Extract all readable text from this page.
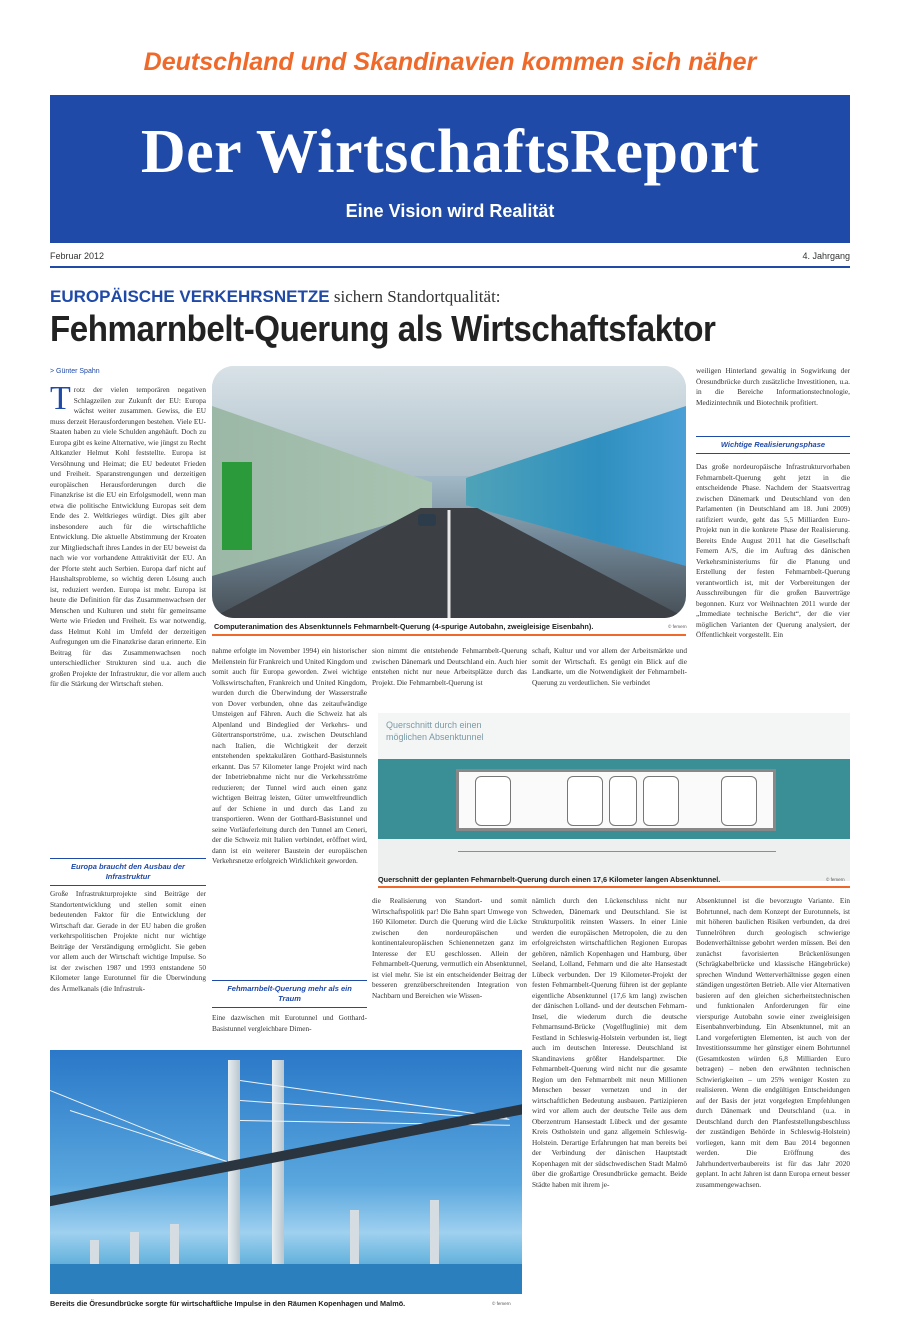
Deutschland und Skandinavien kommen sich näher
Der WirtschaftsReport
Eine Vision wird Realität
Februar 2012	4. Jahrgang
EUROPÄISCHE VERKEHRSNETZE sichern Standortqualität:
Fehmarnbelt-Querung als Wirtschaftsfaktor
> Günter Spahn
T rotz der vielen temporären negativen Schlagzeilen zur Zukunft der EU: Europa wächst weiter zusammen. Gewiss, die EU muss derzeit Herausforderungen bestehen. Viele EU-Staaten haben zu viele Schulden angehäuft. Doch zu Europa gibt es keine Alternative, wie jüngst zu Recht Altkanzler Helmut Kohl feststellte. Europa ist Versöhnung und Heimat; die EU bedeutet Frieden und Freiheit. Sparanstrengungen und derzeitigen europäischen Herausforderungen durch die Finanzkrise ist die EU ein Erfolgsmodell, wenn man etwa die politische Entwicklung Europas seit dem Ende des 2. Weltkrieges würdigt. Dies gilt aber insbesondere auch für die wirtschaftliche Entwicklung. Die aktuelle Abstimmung der Kroaten zur Mitgliedschaft ihres Landes in der EU beweist da nach wie vor vorhandene Attraktivität der EU. An der Pforte steht auch Serbien. Europa darf nicht auf Haushaltsprobleme, so wichtig deren Lösung auch ist, reduziert werden. Europa ist mehr. Europa ist heute die Definition für das Zusammenwachsen der Menschen und Kulturen und steht für gemeinsame Werte wie Frieden und Freiheit. Es war notwendig, dass Helmut Kohl im Umfeld der derzeitigen Aufregungen um die Finanzkrise daran erinnerte. Ein Beitrag für das Zusammenwachsen noch unterschiedlicher Strukturen sind u.a. auch die großen Projekte der Infrastruktur, die vor allem auch für die Stärkung der Wirtschaft stehen.
Europa braucht den Ausbau der Infrastruktur
Große Infrastrukturprojekte sind Beiträge der Standortentwicklung und stellen somit einen bedeutenden Faktor für die Entwicklung der Wirtschaft dar. Gerade in der EU haben die großen verkehrspolitischen Projekte nicht nur wichtige Beiträge der Verständigung ermöglicht. Sie geben vor allem auch der Wirtschaft wichtige Impulse. So ist der zwischen 1987 und 1993 entstandene 50 Kilometer lange Eurotunnel für die Überwindung des Ärmelkanals (die Infrastruk-
Computeranimation des Absenktunnels Fehmarnbelt-Querung (4-spurige Autobahn, zweigleisige Eisenbahn).	© femern
nahme erfolgte im November 1994) ein historischer Meilenstein für Frankreich und United Kingdom und somit auch für Europa geworden. Zwei wichtige Volkswirtschaften, Frankreich und United Kingdom, wurden durch die Überwindung der Wasserstraße von Dover verbunden, ohne das zeitaufwändige Umsteigen auf Fähren. Auch die Schweiz hat als Alpenland und Bindeglied der Verkehrs- und Gütertransportströme, u.a. zwischen Deutschland nach Italien, die Wichtigkeit der derzeit entstehenden spektakulären Gotthard-Basistunnels erkannt. Das 57 Kilometer lange Projekt wird nach der Inbetriebnahme nicht nur die Verkehrsströme reduzieren; der Tunnel wird auch einen ganz wichtigen Beitrag leisten, Güter umweltfreundlich auf der Schiene in und durch das Land zu transportieren. Wenn der Gotthard-Basistunnel und seine Vorläuferleitung durch den Tunnel am Ceneri, der die Schweiz mit Italien verbindet, eröffnet wird, dann ist ein weiterer Baustein der europäischen Verkehrsnetze erfolgreich Wirklichkeit geworden.
Fehmarnbelt-Querung mehr als ein Traum
Eine dazwischen mit Eurotunnel und Gotthard-Basistunnel vergleichbare Dimen-
sion nimmt die entstehende Fehmarnbelt-Querung zwischen Dänemark und Deutschland ein. Auch hier entstehen nicht nur neue Arbeitsplätze durch das Projekt. Die Fehmarnbelt-Querung ist
schaft, Kultur und vor allem der Arbeitsmärkte und somit der Wirtschaft. Es genügt ein Blick auf die Landkarte, um die Notwendigkeit der Fehmarnbelt-Querung zu verdeutlichen. Sie verbindet
weiligen Hinterland gewaltig in Sogwirkung der Öresundbrücke durch zusätzliche Investitionen, u.a. in die Bereiche Informationstechnologie, Medizintechnik und Biotechnik profitiert.
Wichtige Realisierungsphase
Das große nordeuropäische Infrastrukturvorhaben Fehmarnbelt-Querung geht jetzt in die entscheidende Phase. Nachdem der Staatsvertrag zwischen Dänemark und Deutschland von den Parlamenten (in Deutschland am 18. Juni 2009) ratifiziert wurde, geht das 5,5 Milliarden Euro-Projekt nun in die konkrete Phase der Realisierung. Bereits Ende August 2011 hat die Gesellschaft Femern A/S, die im Auftrag des dänischen Verkehrsministeriums für die Planung und Erstellung der festen Fehmarnbelt-Querung verantwortlich ist, mit der Vorbereitungen der Ausschreibungen für die großen Bauverträge begonnen. Kurz vor Weihnachten 2011 wurde der „Immediate technische Bericht“, der die vier möglichen Varianten der Querung analysiert, der Öffentlichkeit vorgestellt. Ein
Querschnitt durch einen
möglichen Absenktunnel
Querschnitt der geplanten Fehmarnbelt-Querung durch einen 17,6 Kilometer langen Absenktunnel.	© femern
die Realisierung von Standort- und somit Wirtschaftspolitik par! Die Bahn spart Umwege von 160 Kilometer. Durch die Querung wird die Lücke zwischen den nordeuropäischen und kontinentaleuropäischen Schienennetzen ganz im Interesse der EU geschlossen. Allein der Fehmarnbelt-Querung, vermutlich ein Absenktunnel, ist viel mehr. Sie ist ein entscheidender Beitrag der besseren grenzüberschreitenden Integration von Nachbarn und Bereichen wie Wissen-
nämlich durch den Lückenschluss nicht nur Schweden, Dänemark und Deutschland. Sie ist Strukturpolitik reinsten Wassers. In einer Linie werden die europäischen Metropolen, die zu den erfolgreichsten wirtschaftlichen Regionen Europas gehören, nämlich Kopenhagen und Hamburg, über Seeland, Lolland, Fehmarn und die alte Hansestadt Lübeck verbunden. Der 19 Kilometer-Projekt der festen Fehmarnbelt-Querung führen ist der geplante eigentliche Absenktunnel (17,6 km lang) zwischen der dänischen Lolland- und der deutschen Fehmarn-Insel, die wiederum durch die deutsche Fehmarnsund-Brücke (Vogelfluglinie) mit dem Festland in Schleswig-Holstein verbunden ist, liegt auch im deutschen Interesse. Deutschland ist Skandinaviens größter Handelspartner. Die Fehmarnbelt-Querung wird nicht nur die gesamte Region um den Fehmarnbelt mit neun Millionen Menschen besser vernetzen und in der wirtschaftlichen Bedeutung ausbauen. Partizipieren wird vor allem auch der deutsche Teile aus dem Oberzentrum Hansestadt Lübeck und der gesamte Kreis Ostholstein und ganz allgemein Schleswig-Holstein. Derartige Erfahrungen hat man bereits bei der Verbindung der dänischen Hauptstadt Kopenhagen mit der südschwedischen Stadt Malmö über die großartige Öresundbrücke gemacht. Beide Städte haben mit ihrem je-
Absenktunnel ist die bevorzugte Variante. Ein Bohrtunnel, nach dem Konzept der Eurotunnels, ist mit höheren baulichen Risiken verbunden, da drei Tunnelröhren durch geologisch schwierige Bodenverhältnisse gebohrt werden müssen. Bei den zunächst favorisierten Brückenlösungen (Schrägkabelbrücke und klassische Hängebrücke) sprechen Windund Wetterverhältnisse gegen einen ständigen ungestörten Betrieb. Alle vier Alternativen basieren auf den gleichen sicherheitstechnischen und funktionalen Anforderungen für eine vierspurige Autobahn sowie einer zweigleisigen Eisenbahnverbindung. Ein Absenktunnel, mit an Land vorgefertigten Elementen, ist auch von der Investitionssumme her günstiger einem Bohrtunnel (Gesamtkosten würden 6,8 Milliarden Euro betragen) – neben den erwähnten technischen Schwierigkeiten – um 25% weniger Kosten zu realisieren. Wenn die endgültigen Entscheidungen auf der Basis der jetzt vorgelegten Empfehlungen durch Dänemark und Deutschland (u.a. in Deutschland durch den Planfeststellungsbeschluss der zuständigen Behörde in Schleswig-Holstein) vorliegen, kann mit dem Bau 2014 begonnen werden. Die Eröffnung des Jahrhundertverbaubereits ist für das Jahr 2020 geplant. In acht Jahren ist dann Europa erneut besser zusammengewachsen.
Bereits die Öresundbrücke sorgte für wirtschaftliche Impulse in den Räumen Kopenhagen und Malmö.	© femern
